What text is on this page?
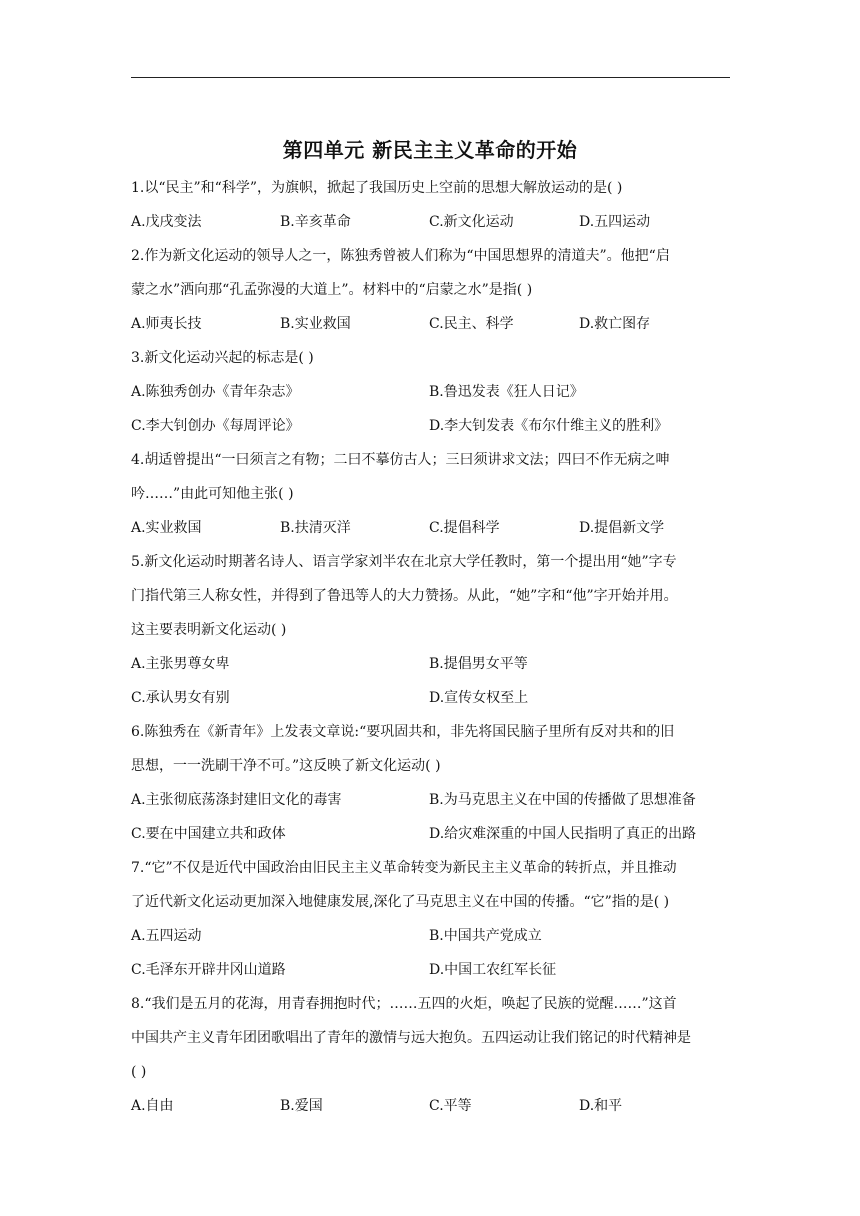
第四单元 新民主主义革命的开始
1.以“民主”和“科学”，为旗帜，掀起了我国历史上空前的思想大解放运动的是( )
A.戊戌变法	B.辛亥革命	C.新文化运动	D.五四运动
2.作为新文化运动的领导人之一，陈独秀曾被人们称为“中国思想界的清道夫”。他把“启
蒙之水”洒向那“孔孟弥漫的大道上”。材料中的“启蒙之水”是指( )
A.师夷长技	B.实业救国	C.民主、科学	D.救亡图存
3.新文化运动兴起的标志是( )
A.陈独秀创办《青年杂志》	B.鲁迅发表《狂人日记》
C.李大钊创办《每周评论》	D.李大钊发表《布尔什维主义的胜利》
4.胡适曾提出“一曰须言之有物；二曰不摹仿古人；三曰须讲求文法；四曰不作无病之呻
吟……”由此可知他主张( )
A.实业救国	B.扶清灭洋	C.提倡科学	D.提倡新文学
5.新文化运动时期著名诗人、语言学家刘半农在北京大学任教时，第一个提出用“她”字专
门指代第三人称女性，并得到了鲁迅等人的大力赞扬。从此，“她”字和“他”字开始并用。
这主要表明新文化运动( )
A.主张男尊女卑	B.提倡男女平等
C.承认男女有别	D.宣传女权至上
6.陈独秀在《新青年》上发表文章说:“要巩固共和，非先将国民脑子里所有反对共和的旧
思想，一一洗刷干净不可。”这反映了新文化运动( )
A.主张彻底荡涤封建旧文化的毒害	B.为马克思主义在中国的传播做了思想准备
C.要在中国建立共和政体	D.给灾难深重的中国人民指明了真正的出路
7.“它”不仅是近代中国政治由旧民主主义革命转变为新民主主义革命的转折点，并且推动
了近代新文化运动更加深入地健康发展,深化了马克思主义在中国的传播。“它”指的是( )
A.五四运动	B.中国共产党成立
C.毛泽东开辟井冈山道路	D.中国工农红军长征
8.“我们是五月的花海，用青春拥抱时代；……五四的火炬，唤起了民族的觉醒……”这首
中国共产主义青年团团歌唱出了青年的激情与远大抱负。五四运动让我们铭记的时代精神是
( )
A.自由	B.爱国	C.平等	D.和平
